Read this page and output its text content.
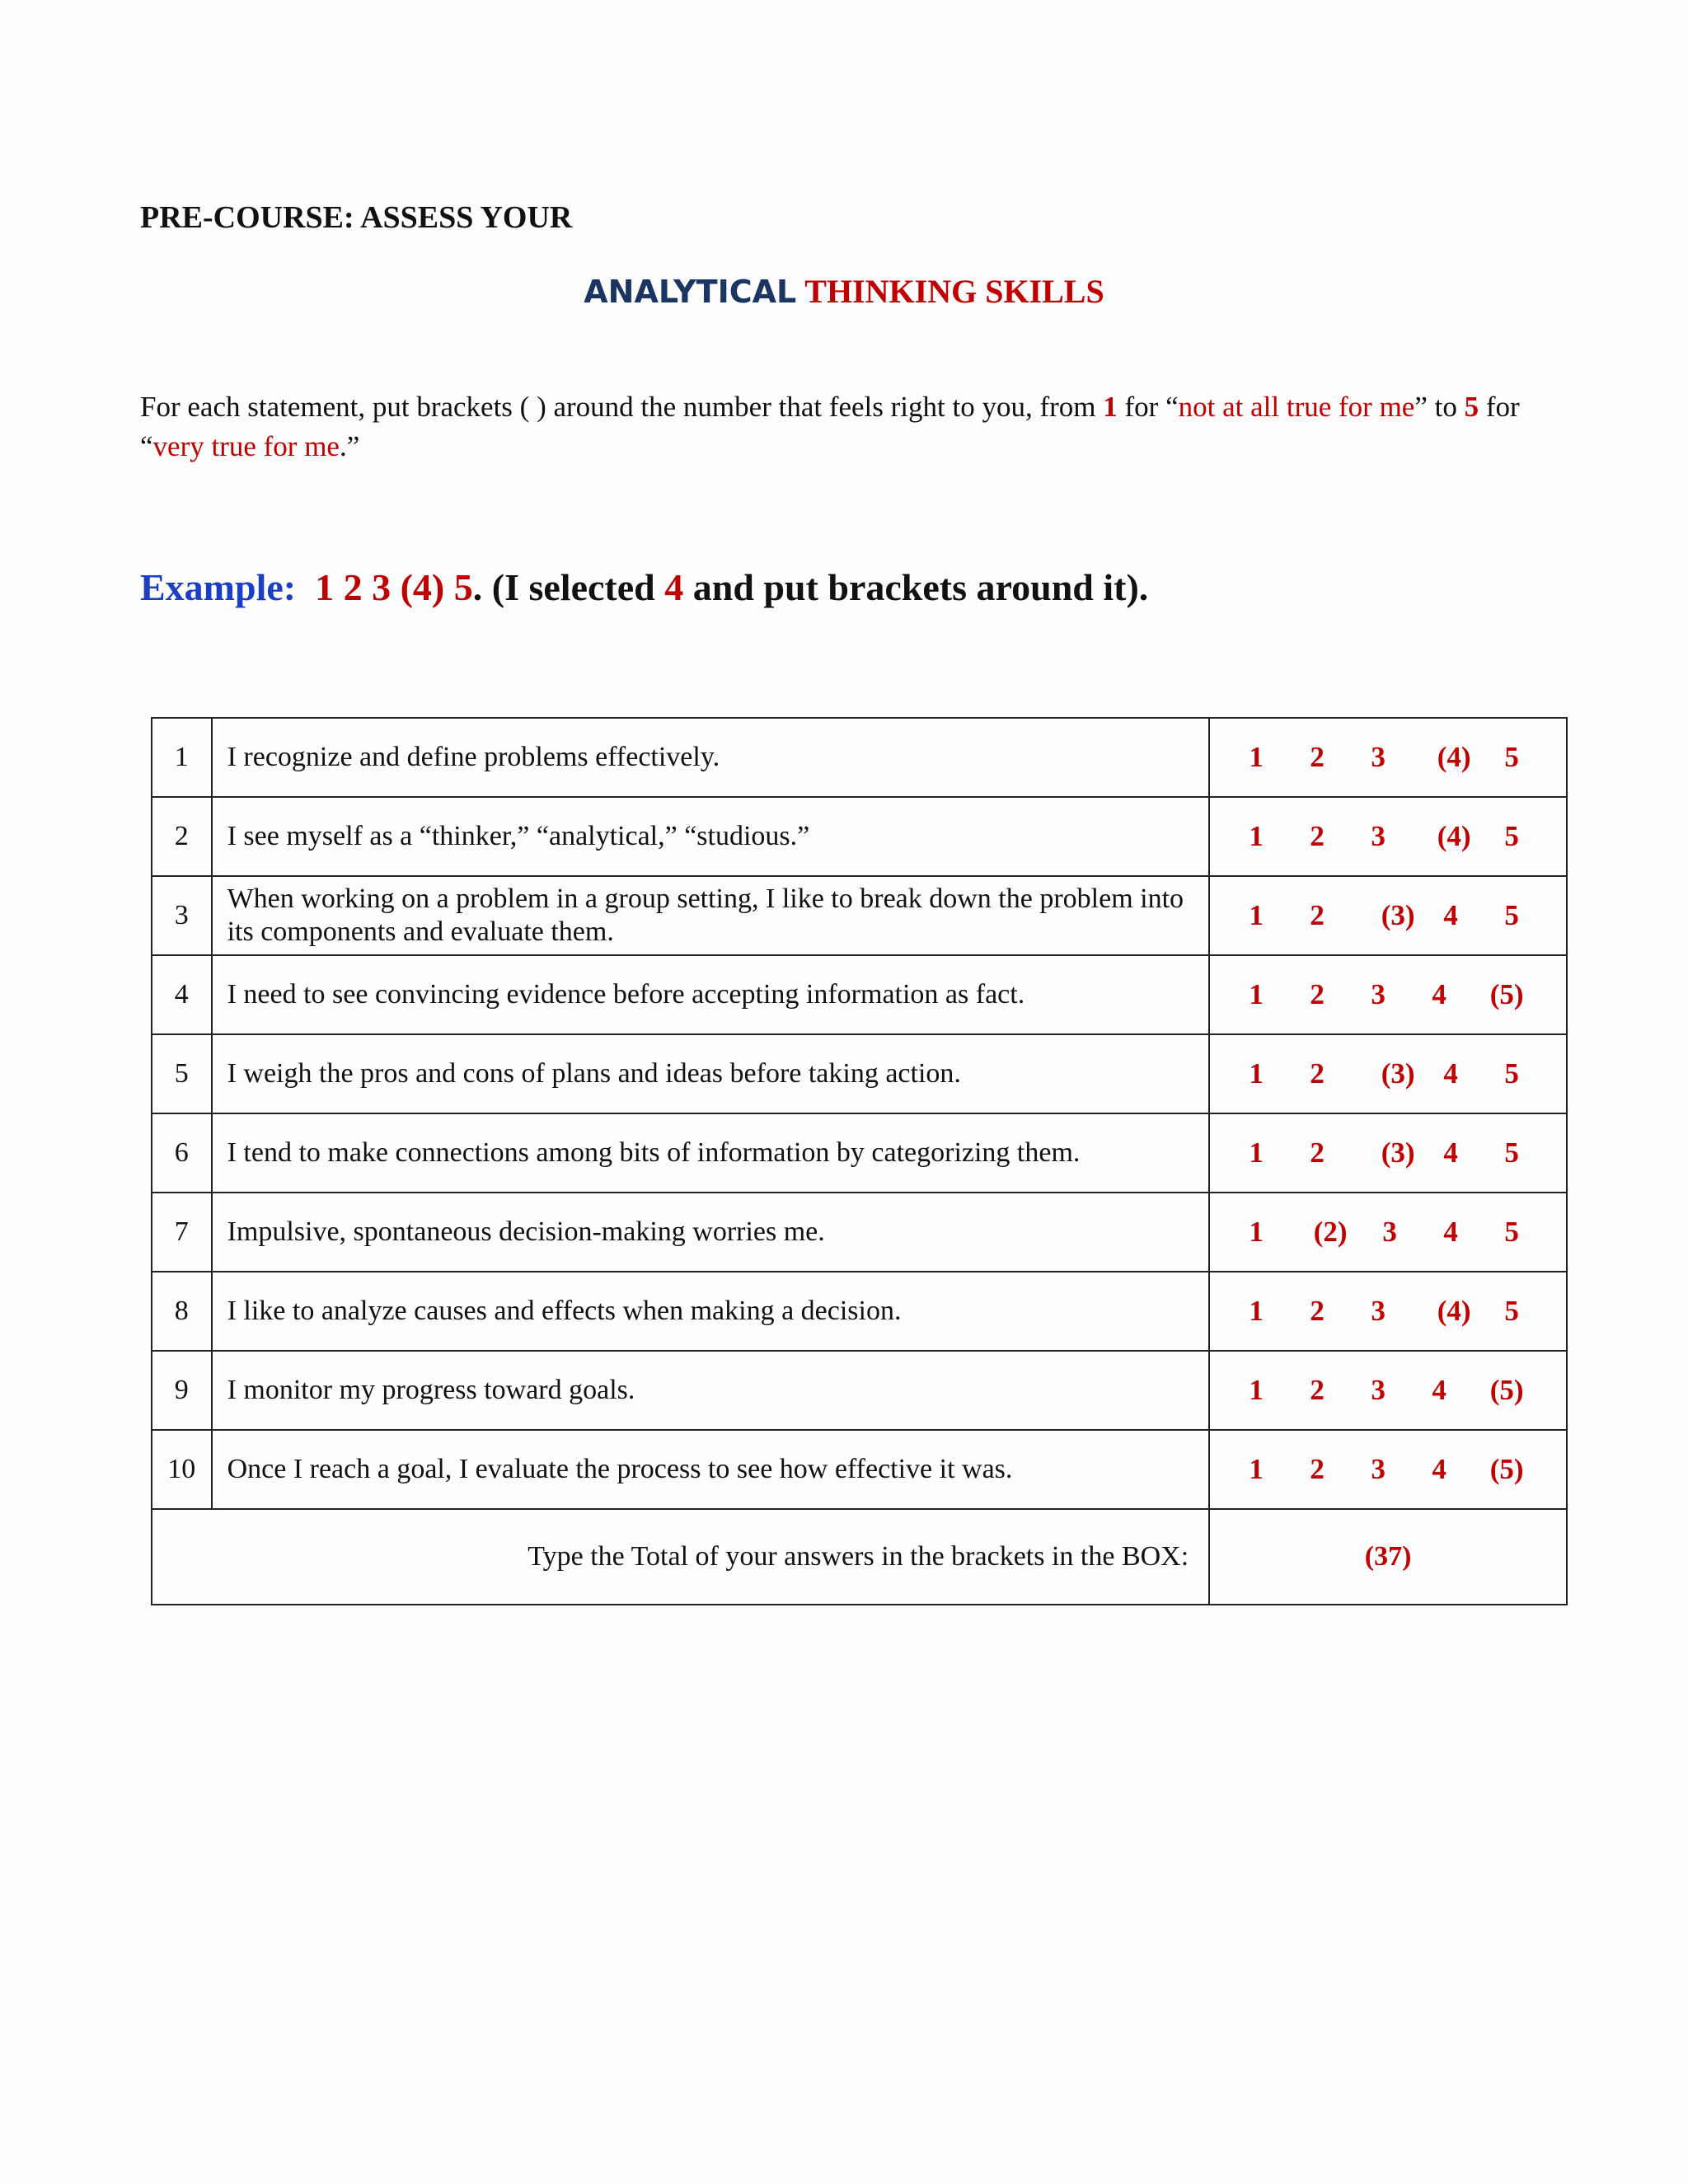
PRE-COURSE: ASSESS YOUR
ANALYTICAL THINKING SKILLS
For each statement, put brackets ( ) around the number that feels right to you, from 1 for “not at all true for me” to 5 for “very true for me.”
Example: 1 2 3 (4) 5. (I selected 4 and put brackets around it).
1	I recognize and define problems effectively.	1 2 3 (4) 5

2	I see myself as a “thinker,” “analytical,” “studious.”	1 2 3 (4) 5

3	When working on a problem in a group setting, I like to break down the problem into its components and evaluate them.	1 2 (3) 4 5

4	I need to see convincing evidence before accepting information as fact.	1 2 3 4 (5)

5	I weigh the pros and cons of plans and ideas before taking action.	1 2 (3) 4 5

6	I tend to make connections among bits of information by categorizing them.	1 2 (3) 4 5

7	Impulsive, spontaneous decision-making worries me.	1 (2) 3 4 5

8	I like to analyze causes and effects when making a decision.	1 2 3 (4) 5

9	I monitor my progress toward goals.	1 2 3 4 (5)

10	Once I reach a goal, I evaluate the process to see how effective it was.	1 2 3 4 (5)

Type the Total of your answers in the brackets in the BOX:		(37)
